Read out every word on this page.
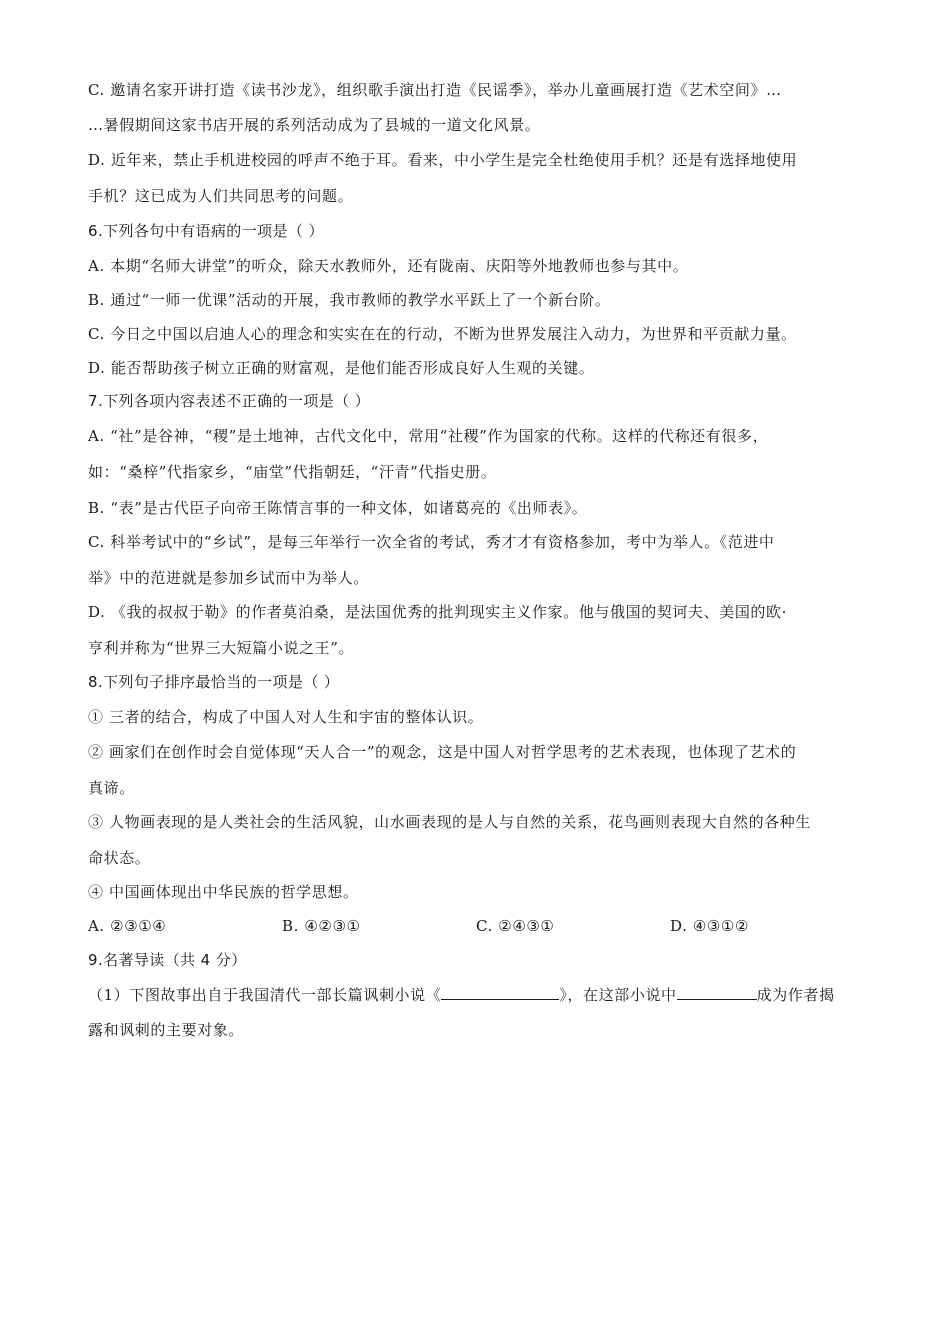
C. 邀请名家开讲打造《读书沙龙》，组织歌手演出打造《民谣季》，举办儿童画展打造《艺术空间》…
…暑假期间这家书店开展的系列活动成为了县城的一道文化风景。
D. 近年来，禁止手机进校园的呼声不绝于耳。看来，中小学生是完全杜绝使用手机？还是有选择地使用
手机？这已成为人们共同思考的问题。
6.下列各句中有语病的一项是（ ）
A. 本期“名师大讲堂”的听众，除天水教师外，还有陇南、庆阳等外地教师也参与其中。
B. 通过“一师一优课”活动的开展，我市教师的教学水平跃上了一个新台阶。
C. 今日之中国以启迪人心的理念和实实在在的行动，不断为世界发展注入动力，为世界和平贡献力量。
D. 能否帮助孩子树立正确的财富观，是他们能否形成良好人生观的关键。
7.下列各项内容表述不正确的一项是（ ）
A. “社”是谷神，“稷”是土地神，古代文化中，常用“社稷”作为国家的代称。这样的代称还有很多，
如：“桑梓”代指家乡，“庙堂”代指朝廷，“汗青”代指史册。
B. “表”是古代臣子向帝王陈情言事的一种文体，如诸葛亮的《出师表》。
C. 科举考试中的“乡试”，是每三年举行一次全省的考试，秀才才有资格参加，考中为举人。《范进中
举》中的范进就是参加乡试而中为举人。
D. 《我的叔叔于勒》的作者莫泊桑，是法国优秀的批判现实主义作家。他与俄国的契诃夫、美国的欧·
亨利并称为“世界三大短篇小说之王”。
8.下列句子排序最恰当的一项是（ ）
① 三者的结合，构成了中国人对人生和宇宙的整体认识。
② 画家们在创作时会自觉体现“天人合一”的观念，这是中国人对哲学思考的艺术表现，也体现了艺术的
真谛。
③ 人物画表现的是人类社会的生活风貌，山水画表现的是人与自然的关系，花鸟画则表现大自然的各种生
命状态。
④ 中国画体现出中华民族的哲学思想。
A. ②③①④	B. ④②③①	C. ②④③①	D. ④③①②
9.名著导读（共 4 分）
（1）下图故事出自于我国清代一部长篇讽刺小说《	》，在这部小说中	成为作者揭
露和讽刺的主要对象。
